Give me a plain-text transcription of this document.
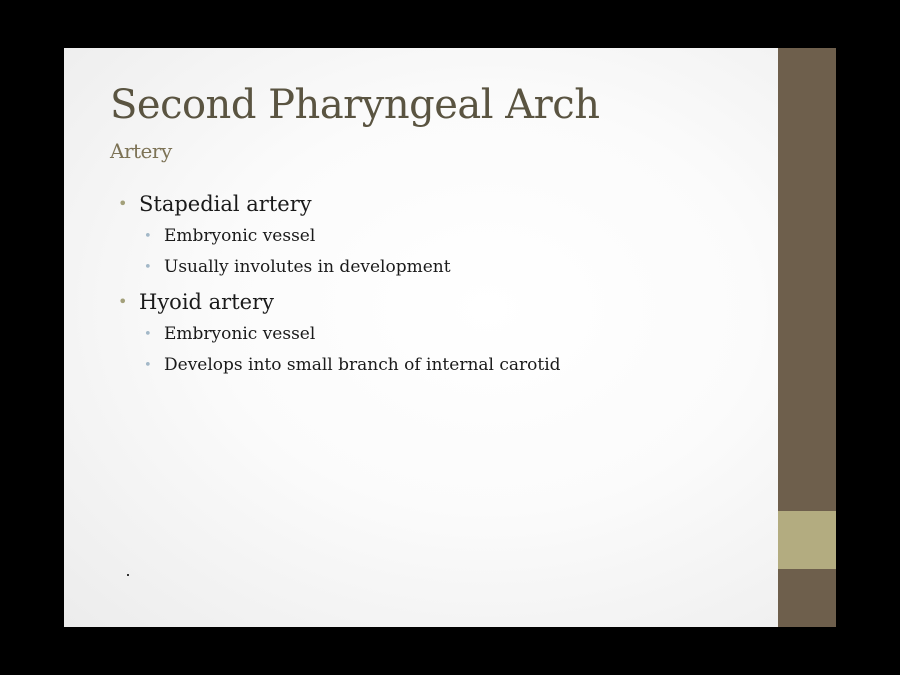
Second Pharyngeal Arch
Artery
• Stapedial artery
• Embryonic vessel
• Usually involutes in development
• Hyoid artery
• Embryonic vessel
• Develops into small branch of internal carotid
